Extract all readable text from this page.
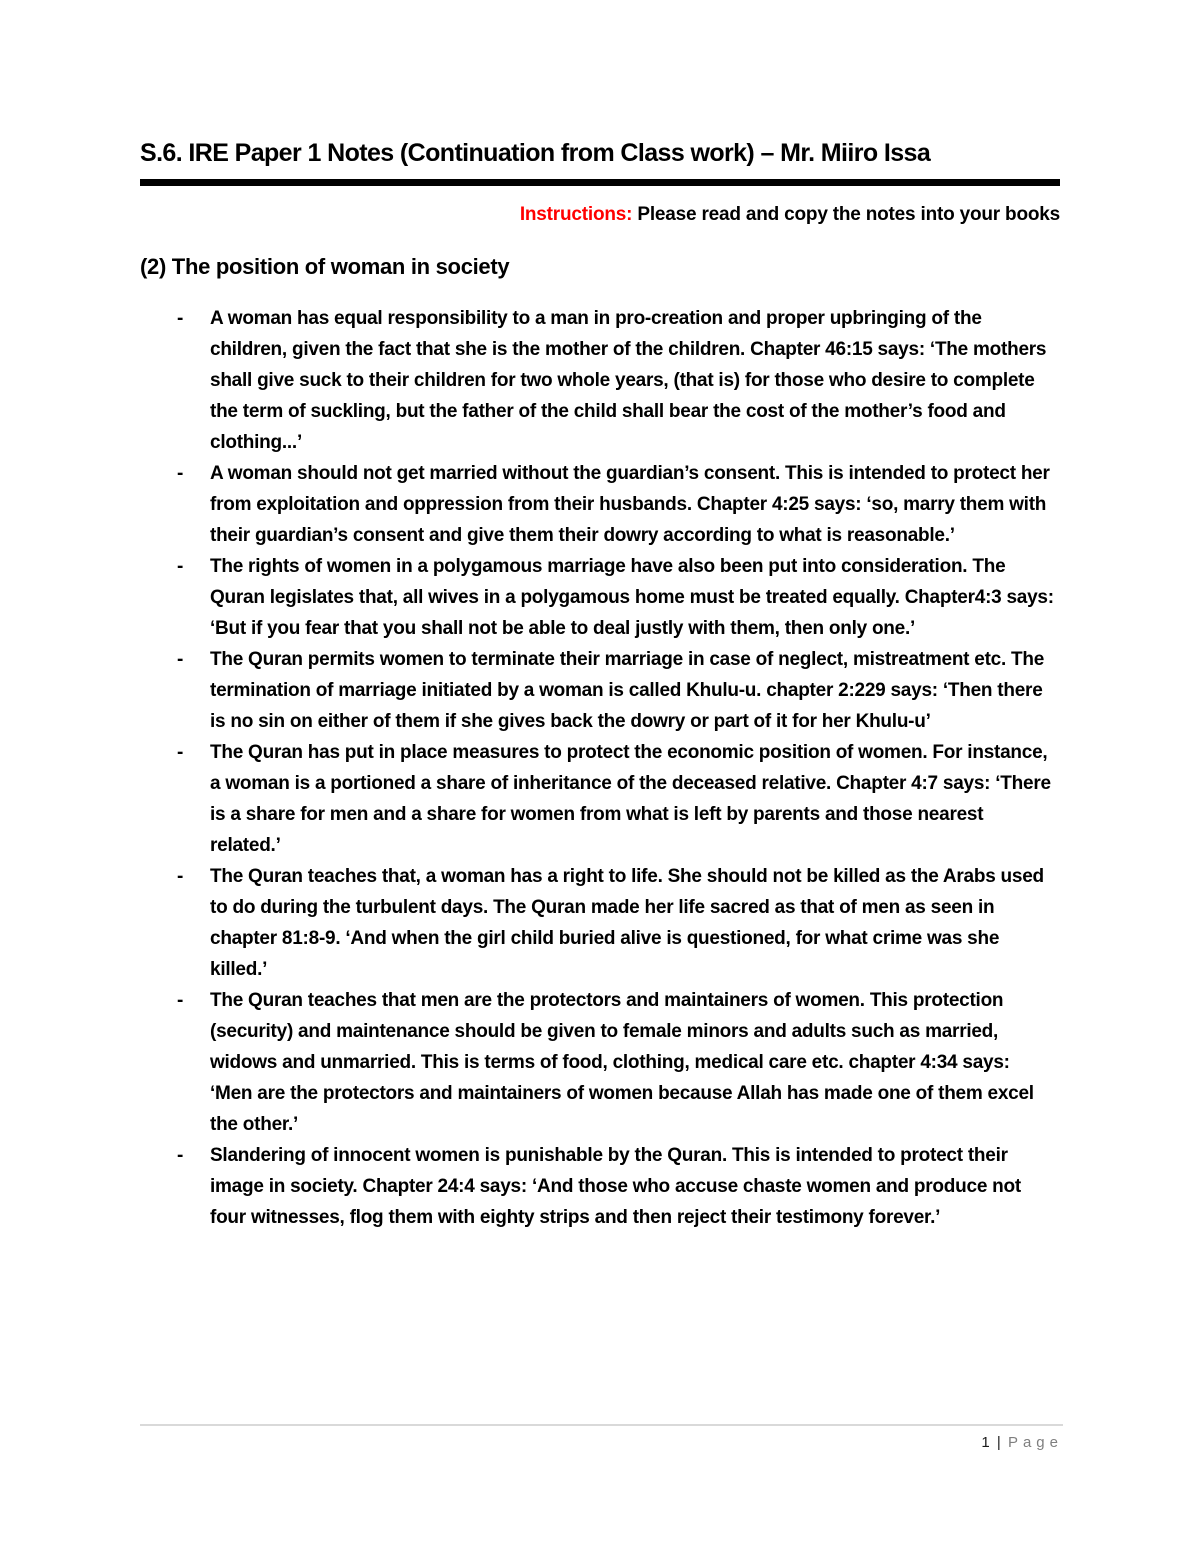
S.6. IRE Paper 1 Notes (Continuation from Class work) – Mr. Miiro Issa
Instructions: Please read and copy the notes into your books
(2) The position of woman in society
- A woman has equal responsibility to a man in pro-creation and proper upbringing of the children, given the fact that she is the mother of the children. Chapter 46:15 says: ‘The mothers shall give suck to their children for two whole years, (that is) for those who desire to complete the term of suckling, but the father of the child shall bear the cost of the mother’s food and clothing...’
- A woman should not get married without the guardian’s consent. This is intended to protect her from exploitation and oppression from their husbands. Chapter 4:25 says: ‘so, marry them with their guardian’s consent and give them their dowry according to what is reasonable.’
- The rights of women in a polygamous marriage have also been put into consideration. The Quran legislates that, all wives in a polygamous home must be treated equally. Chapter4:3 says: ‘But if you fear that you shall not be able to deal justly with them, then only one.’
- The Quran permits women to terminate their marriage in case of neglect, mistreatment etc. The termination of marriage initiated by a woman is called Khulu-u. chapter 2:229 says: ‘Then there is no sin on either of them if she gives back the dowry or part of it for her Khulu-u’
- The Quran has put in place measures to protect the economic position of women. For instance, a woman is a portioned a share of inheritance of the deceased relative. Chapter 4:7 says: ‘There is a share for men and a share for women from what is left by parents and those nearest related.’
- The Quran teaches that, a woman has a right to life. She should not be killed as the Arabs used to do during the turbulent days. The Quran made her life sacred as that of men as seen in chapter 81:8-9. ‘And when the girl child buried alive is questioned, for what crime was she killed.’
- The Quran teaches that men are the protectors and maintainers of women. This protection (security) and maintenance should be given to female minors and adults such as married, widows and unmarried. This is terms of food, clothing, medical care etc. chapter 4:34 says: ‘Men are the protectors and maintainers of women because Allah has made one of them excel the other.’
- Slandering of innocent women is punishable by the Quran. This is intended to protect their image in society. Chapter 24:4 says: ‘And those who accuse chaste women and produce not four witnesses, flog them with eighty strips and then reject their testimony forever.’
1 | Page
